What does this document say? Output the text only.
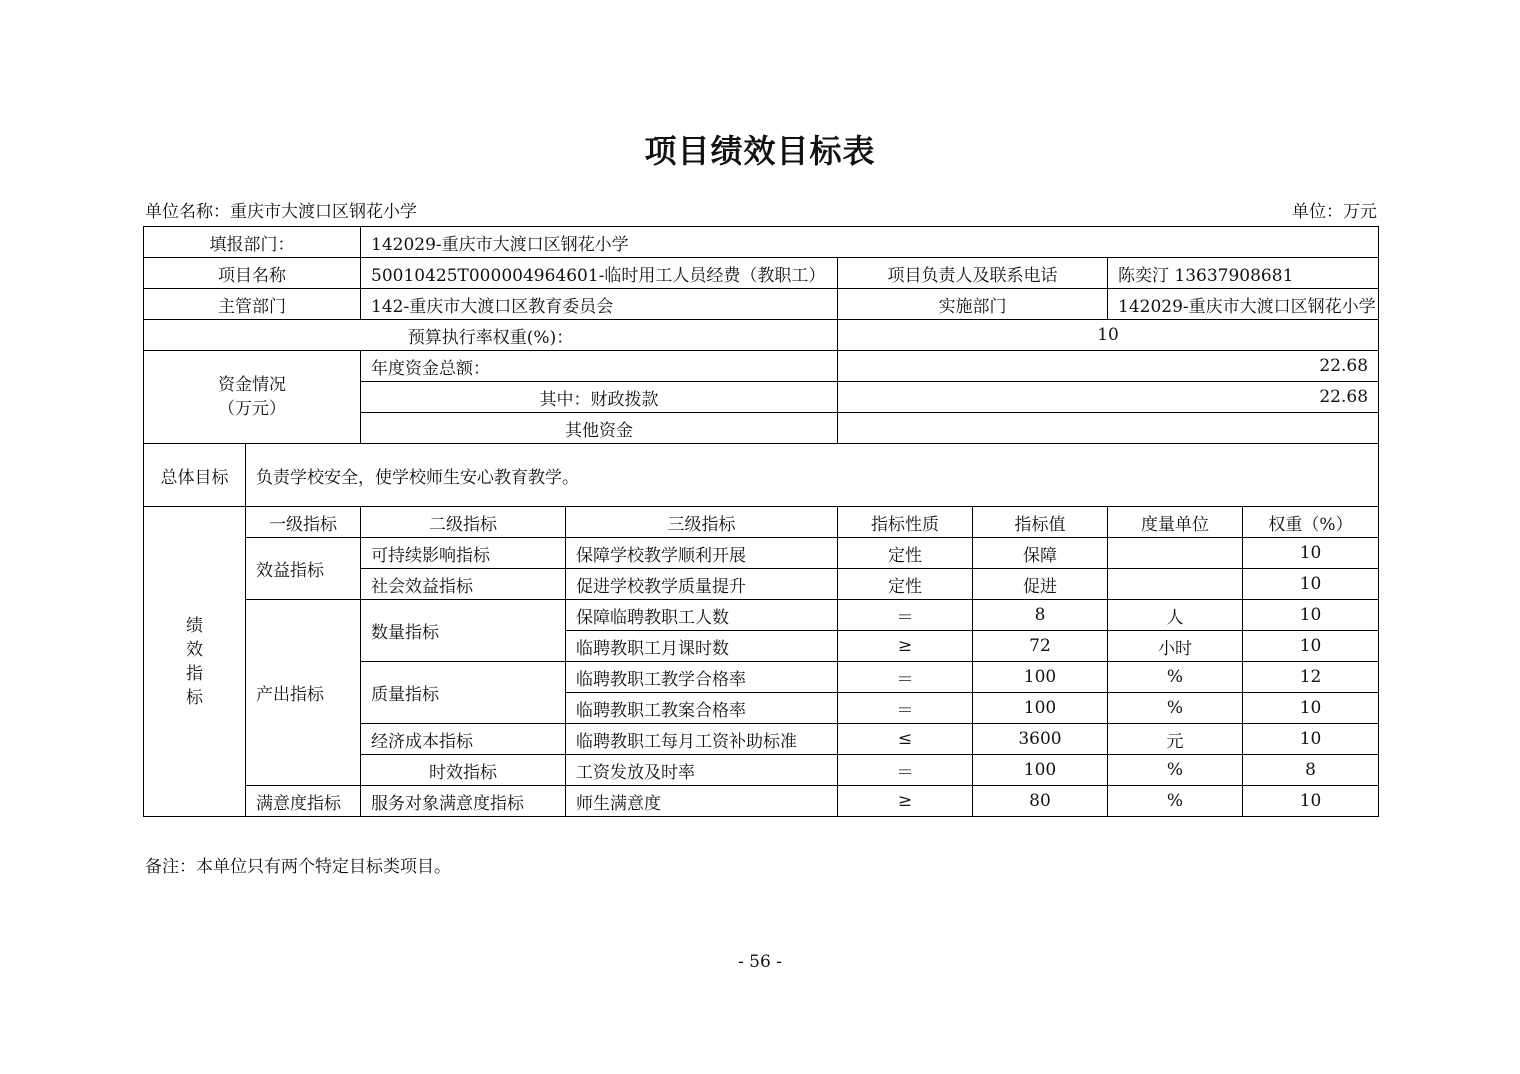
项目绩效目标表
单位名称：重庆市大渡口区钢花小学	单位：万元
填报部门：		142029-重庆市大渡口区钢花小学					
项目名称		50010425T000004964601-临时用工人员经费（教职工）		项目负责人及联系电话		陈奕汀 13637908681	
主管部门		142-重庆市大渡口区教育委员会		实施部门		142029-重庆市大渡口区钢花小学	
预算执行率权重(%)：				10			

资金情况
（万元）		年度资金总额：		22.68			
		其中：财政拨款		22.68			
		其他资金					
总体目标	负责学校安全，使学校师生安心教育教学。						

绩
效
指
标	一级指标	二级指标	三级指标	指标性质	指标值	度量单位	权重（%）
	效益指标	可持续影响指标	保障学校教学顺利开展	定性	保障		10
		社会效益指标	促进学校教学质量提升	定性	促进		10
	产出指标	数量指标	保障临聘教职工人数	＝	8	人	10
			临聘教职工月课时数	≥	72	小时	10
		质量指标	临聘教职工教学合格率	＝	100	%	12
			临聘教职工教案合格率	＝	100	%	10
		经济成本指标	临聘教职工每月工资补助标准	≤	3600	元	10
		时效指标	工资发放及时率	＝	100	%	8
	满意度指标	服务对象满意度指标	师生满意度	≥	80	%	10
备注：本单位只有两个特定目标类项目。
- 56 -
